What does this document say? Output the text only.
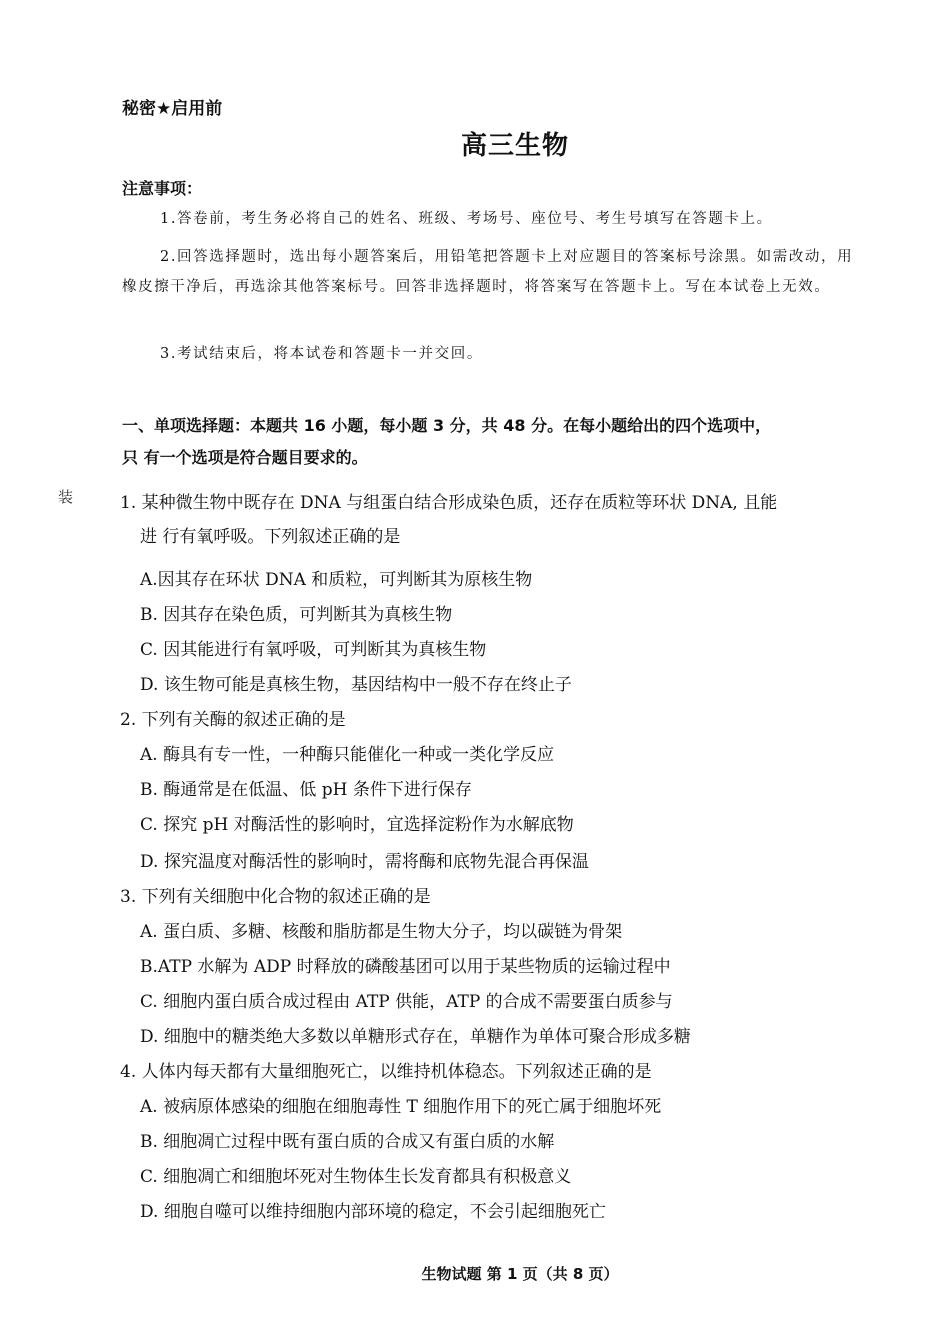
秘密★启用前
高三生物
注意事项：
1.答卷前，考生务必将自己的姓名、班级、考场号、座位号、考生号填写在答题卡上。
2.回答选择题时，选出每小题答案后，用铅笔把答题卡上对应题目的答案标号涂黑。如需改动，用橡皮擦干净后，再选涂其他答案标号。回答非选择题时，将答案写在答题卡上。写在本试卷上无效。
3.考试结束后，将本试卷和答题卡一并交回。
一、单项选择题：本题共 16 小题，每小题 3 分，共 48 分。在每小题给出的四个选项中，
只 有一个选项是符合题目要求的。
装	1. 某种微生物中既存在 DNA 与组蛋白结合形成染色质，还存在质粒等环状 DNA, 且能
进 行有氧呼吸。下列叙述正确的是
A.因其存在环状 DNA 和质粒，可判断其为原核生物
B. 因其存在染色质，可判断其为真核生物
C. 因其能进行有氧呼吸，可判断其为真核生物
D. 该生物可能是真核生物，基因结构中一般不存在终止子
2. 下列有关酶的叙述正确的是
A. 酶具有专一性，一种酶只能催化一种或一类化学反应
B. 酶通常是在低温、低 pH 条件下进行保存
C. 探究 pH 对酶活性的影响时，宜选择淀粉作为水解底物
D. 探究温度对酶活性的影响时，需将酶和底物先混合再保温
3. 下列有关细胞中化合物的叙述正确的是
A. 蛋白质、多糖、核酸和脂肪都是生物大分子，均以碳链为骨架
B.ATP 水解为 ADP 时释放的磷酸基团可以用于某些物质的运输过程中
C. 细胞内蛋白质合成过程由 ATP 供能，ATP 的合成不需要蛋白质参与
D. 细胞中的糖类绝大多数以单糖形式存在，单糖作为单体可聚合形成多糖
4. 人体内每天都有大量细胞死亡，以维持机体稳态。下列叙述正确的是
A. 被病原体感染的细胞在细胞毒性 T 细胞作用下的死亡属于细胞坏死
B. 细胞凋亡过程中既有蛋白质的合成又有蛋白质的水解
C. 细胞凋亡和细胞坏死对生物体生长发育都具有积极意义
D. 细胞自噬可以维持细胞内部环境的稳定，不会引起细胞死亡
生物试题 第 1 页（共 8 页）
